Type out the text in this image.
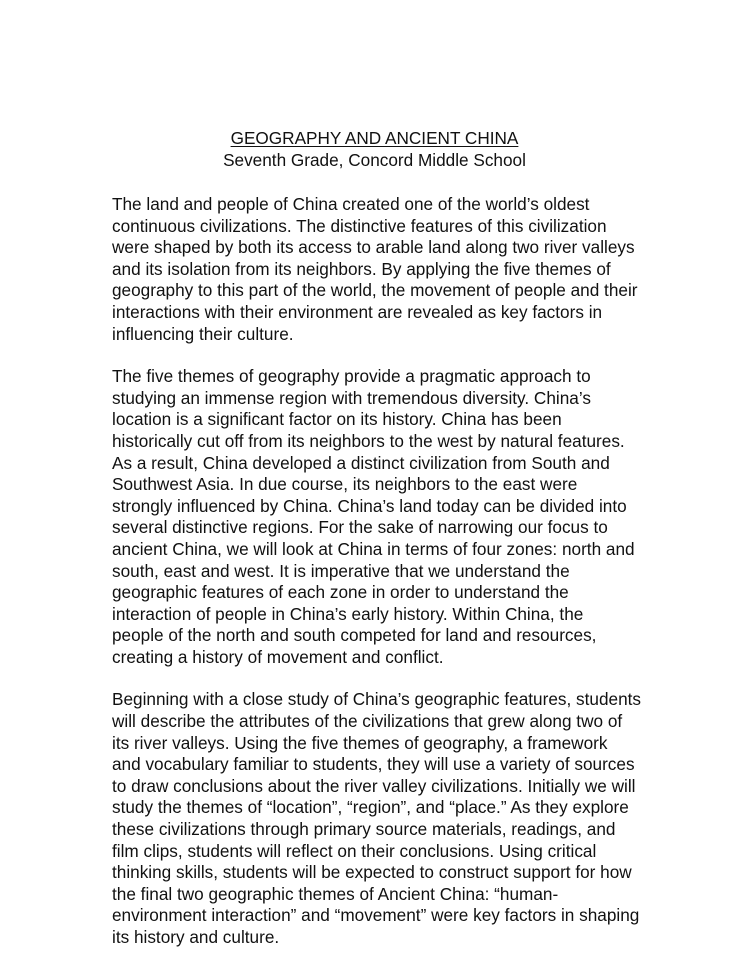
GEOGRAPHY AND ANCIENT CHINA
Seventh Grade, Concord Middle School

The land and people of China created one of the world’s oldest
continuous civilizations. The distinctive features of this civilization
were shaped by both its access to arable land along two river valleys
and its isolation from its neighbors. By applying the five themes of
geography to this part of the world, the movement of people and their
interactions with their environment are revealed as key factors in
influencing their culture.

The five themes of geography provide a pragmatic approach to
studying an immense region with tremendous diversity. China’s
location is a significant factor on its history. China has been
historically cut off from its neighbors to the west by natural features.
As a result, China developed a distinct civilization from South and
Southwest Asia. In due course, its neighbors to the east were
strongly influenced by China. China’s land today can be divided into
several distinctive regions. For the sake of narrowing our focus to
ancient China, we will look at China in terms of four zones: north and
south, east and west. It is imperative that we understand the
geographic features of each zone in order to understand the
interaction of people in China’s early history. Within China, the
people of the north and south competed for land and resources,
creating a history of movement and conflict.

Beginning with a close study of China’s geographic features, students
will describe the attributes of the civilizations that grew along two of
its river valleys. Using the five themes of geography, a framework
and vocabulary familiar to students, they will use a variety of sources
to draw conclusions about the river valley civilizations. Initially we will
study the themes of “location”, “region”, and “place.” As they explore
these civilizations through primary source materials, readings, and
film clips, students will reflect on their conclusions. Using critical
thinking skills, students will be expected to construct support for how
the final two geographic themes of Ancient China: “human-
environment interaction” and “movement” were key factors in shaping
its history and culture.
